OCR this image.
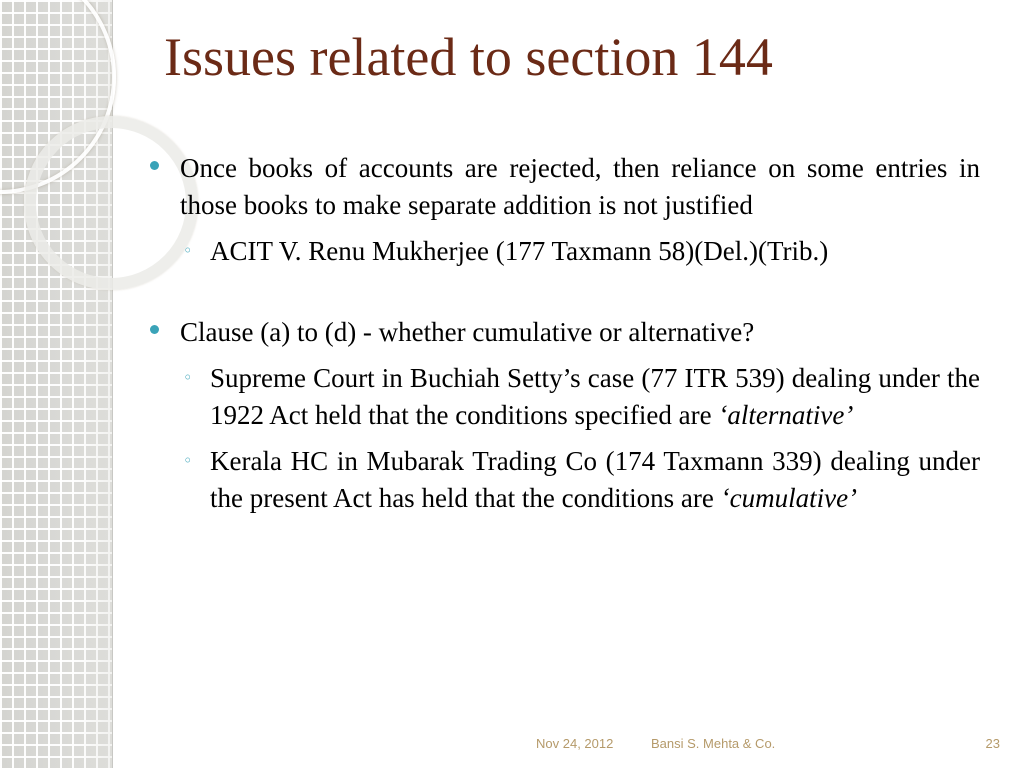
Issues related to section 144
Once books of accounts are rejected, then reliance on some entries in those books to make separate addition is not justified
◦ ACIT V. Renu Mukherjee (177 Taxmann 58)(Del.)(Trib.)
Clause (a) to (d) - whether cumulative or alternative?
◦ Supreme Court in Buchiah Setty’s case (77 ITR 539) dealing under the 1922 Act held that the conditions specified are ‘alternative’
◦ Kerala HC in Mubarak Trading Co (174 Taxmann 339) dealing under the present Act has held that the conditions are ‘cumulative’
Nov 24, 2012	Bansi S. Mehta & Co.	23
